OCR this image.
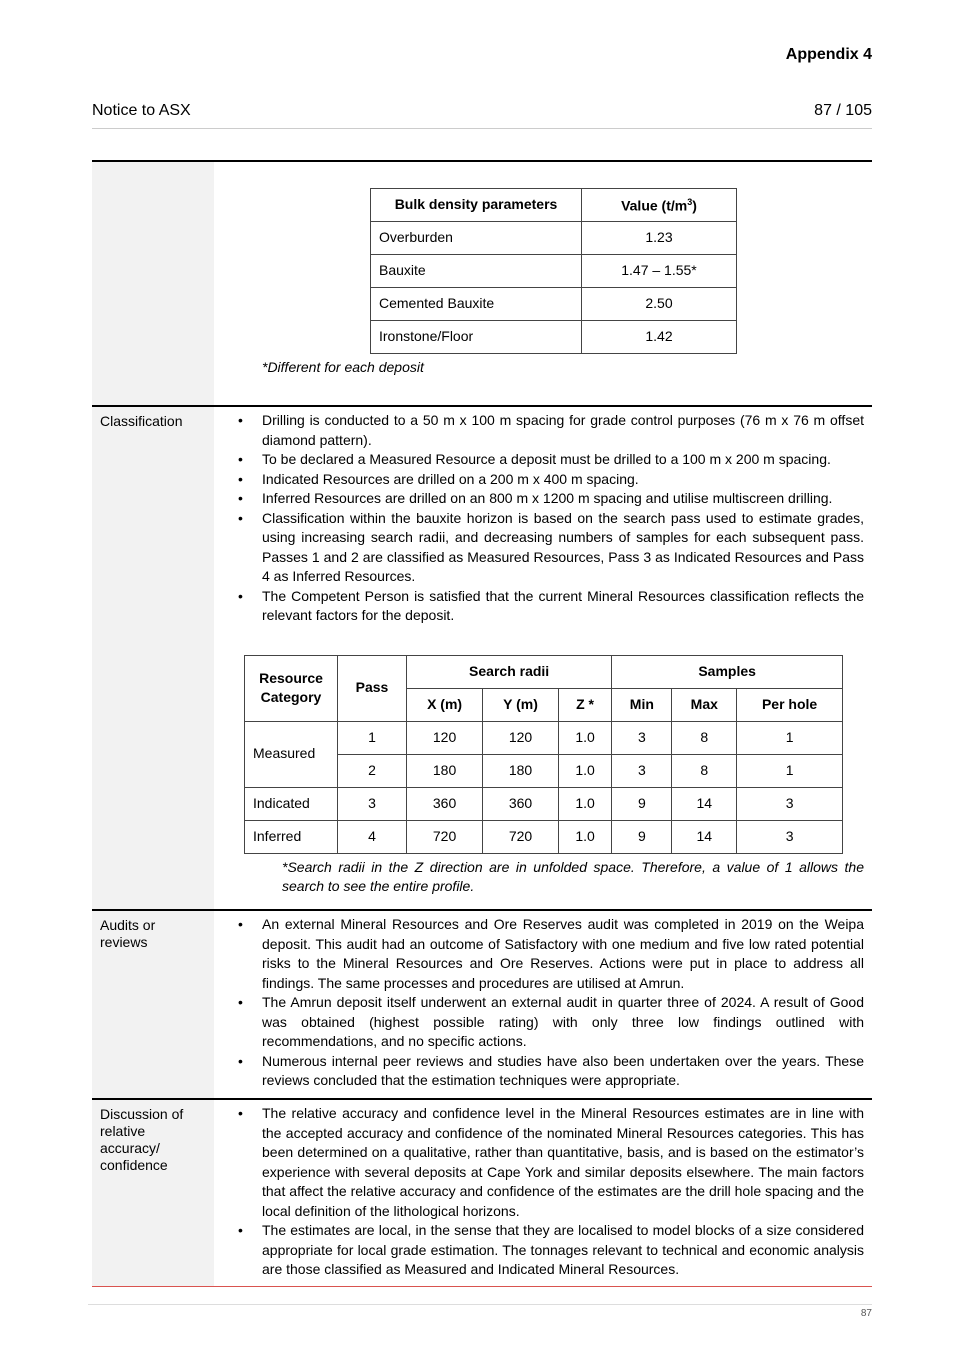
Appendix 4
Notice to ASX	87 / 105
Bulk density parameters	Value $(t/m^3)$
Overburden	1.23
Bauxite	1.47 – 1.55*
Cemented Bauxite	2.50
Ironstone/Floor	1.42
*Different for each deposit
Classification	• Drilling is conducted to a 50 m x 100 m spacing for grade control purposes (76 m x 76 m offset diamond pattern).
• To be declared a Measured Resource a deposit must be drilled to a 100 m x 200 m spacing.
• Indicated Resources are drilled on a 200 m x 400 m spacing.
• Inferred Resources are drilled on an 800 m x 1200 m spacing and utilise multiscreen drilling.
• Classification within the bauxite horizon is based on the search pass used to estimate grades, using increasing search radii, and decreasing numbers of samples for each subsequent pass. Passes 1 and 2 are classified as Measured Resources, Pass 3 as Indicated Resources and Pass 4 as Inferred Resources.
• The Competent Person is satisfied that the current Mineral Resources classification reflects the relevant factors for the deposit.
Resource Category	Pass	Search radii			Samples		
		X (m)	Y (m)	Z *	Min	Max	Per hole
Measured	1	120	120	1.0	3	8	1
	2	180	180	1.0	3	8	1
Indicated	3	360	360	1.0	9	14	3
Inferred	4	720	720	1.0	9	14	3
*Search radii in the Z direction are in unfolded space. Therefore, a value of 1 allows the search to see the entire profile.
Audits or reviews
• An external Mineral Resources and Ore Reserves audit was completed in 2019 on the Weipa deposit. This audit had an outcome of Satisfactory with one medium and five low rated potential risks to the Mineral Resources and Ore Reserves. Actions were put in place to address all findings. The same processes and procedures are utilised at Amrun.
• The Amrun deposit itself underwent an external audit in quarter three of 2024. A result of Good was obtained (highest possible rating) with only three low findings outlined with recommendations, and no specific actions.
• Numerous internal peer reviews and studies have also been undertaken over the years. These reviews concluded that the estimation techniques were appropriate.
Discussion of relative accuracy/ confidence
• The relative accuracy and confidence level in the Mineral Resources estimates are in line with the accepted accuracy and confidence of the nominated Mineral Resources categories. This has been determined on a qualitative, rather than quantitative, basis, and is based on the estimator’s experience with several deposits at Cape York and similar deposits elsewhere. The main factors that affect the relative accuracy and confidence of the estimates are the drill hole spacing and the local definition of the lithological horizons.
• The estimates are local, in the sense that they are localised to model blocks of a size considered appropriate for local grade estimation. The tonnages relevant to technical and economic analysis are those classified as Measured and Indicated Mineral Resources.
87
